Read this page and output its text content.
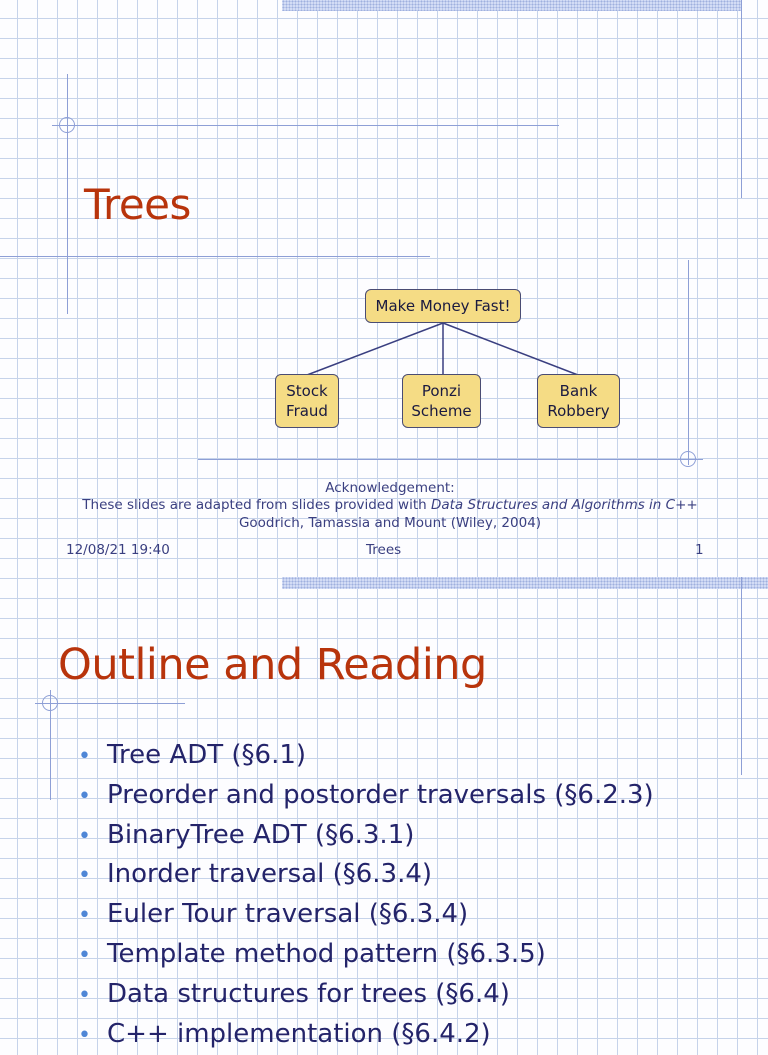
Trees
Make Money Fast!
Stock
Fraud
Ponzi
Scheme
Bank
Robbery
Acknowledgement:
These slides are adapted from slides provided with Data Structures and Algorithms in C++
Goodrich, Tamassia and Mount (Wiley, 2004)
12/08/21 19:40	Trees	1
Outline and Reading
• Tree ADT (§6.1)
• Preorder and postorder traversals (§6.2.3)
• BinaryTree ADT (§6.3.1)
• Inorder traversal (§6.3.4)
• Euler Tour traversal (§6.3.4)
• Template method pattern (§6.3.5)
• Data structures for trees (§6.4)
• C++ implementation (§6.4.2)
